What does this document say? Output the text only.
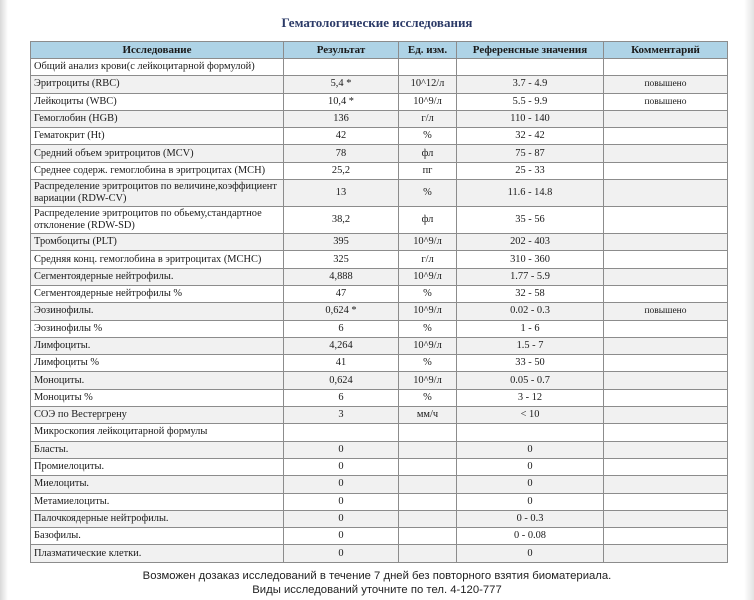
Гематологические исследования
Исследование	Результат	Ед. изм.	Референсные значения	Комментарий
Общий анализ крови(с лейкоцитарной формулой)				
Эритроциты (RBC)	5,4 *	10^12/л	3.7 - 4.9	повышено
Лейкоциты (WBC)	10,4 *	10^9/л	5.5 - 9.9	повышено
Гемоглобин (HGB)	136	г/л	110 - 140	
Гематокрит (Ht)	42	%	32 - 42	
Средний объем эритроцитов (MCV)	78	фл	75 - 87	
Среднее содерж. гемоглобина в эритроцитах (MCH)	25,2	пг	25 - 33	
Распределение эритроцитов по величине,коэффициент вариации (RDW-CV)	13	%	11.6 - 14.8	
Распределение эритроцитов по обьему,стандартное отклонение (RDW-SD)	38,2	фл	35 - 56	
Тромбоциты (PLT)	395	10^9/л	202 - 403	
Средняя конц. гемоглобина в эритроцитах (MCHC)	325	г/л	310 - 360	
Сегментоядерные нейтрофилы.	4,888	10^9/л	1.77 - 5.9	
Сегментоядерные нейтрофилы %	47	%	32 - 58	
Эозинофилы.	0,624 *	10^9/л	0.02 - 0.3	повышено
Эозинофилы %	6	%	1 - 6	
Лимфоциты.	4,264	10^9/л	1.5 - 7	
Лимфоциты %	41	%	33 - 50	
Моноциты.	0,624	10^9/л	0.05 - 0.7	
Моноциты %	6	%	3 - 12	
СОЭ по Вестергрену	3	мм/ч	< 10	
Микроскопия лейкоцитарной формулы				
Бласты.	0		0	
Промиелоциты.	0		0	
Миелоциты.	0		0	
Метамиелоциты.	0		0	
Палочкоядерные нейтрофилы.	0		0 - 0.3	
Базофилы.	0		0 - 0.08	
Плазматические клетки.	0		0	
Возможен дозаказ исследований в течение 7 дней без повторного взятия биоматериала.
Виды исследований уточните по тел. 4-120-777
